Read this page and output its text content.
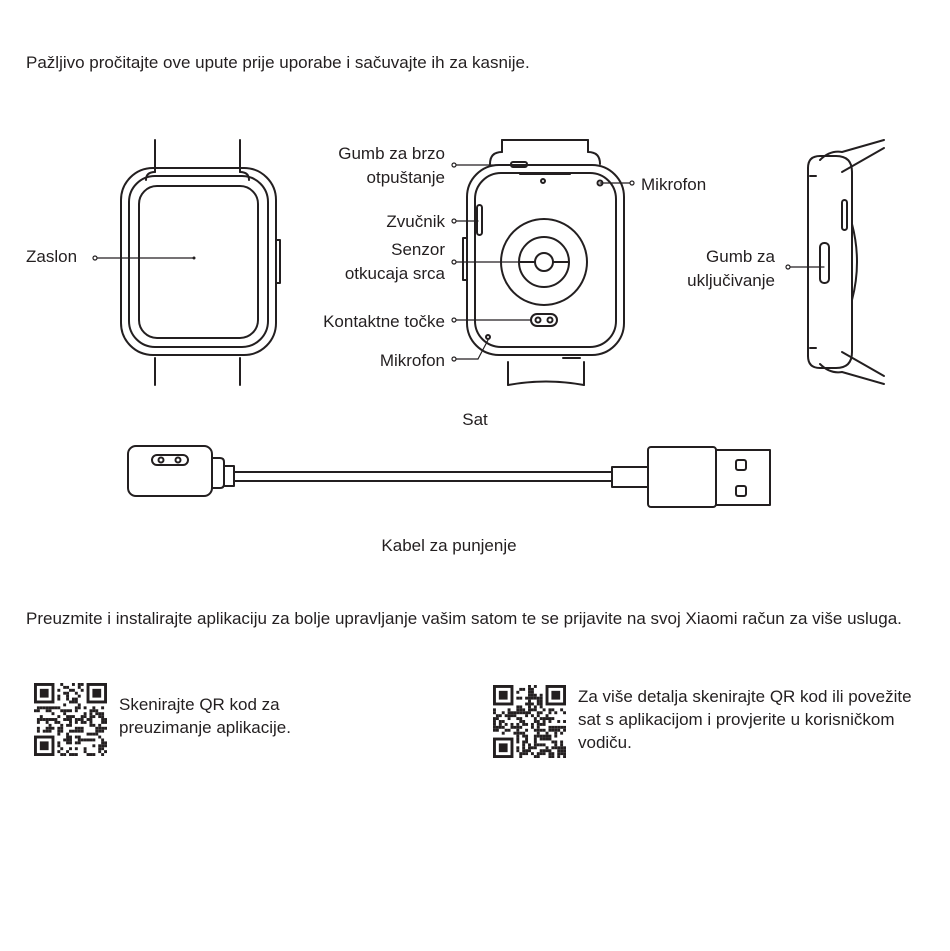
Pažljivo pročitajte ove upute prije uporabe i sačuvajte ih za kasnije.

Zaslon
Gumb za brzo
otpuštanje	Mikrofon
Zvučnik
Senzor
otkucaja srca
Kontaktne točke
Mikrofon
Gumb za
uključivanje
Sat
Kabel za punjenje

Preuzmite i instalirajte aplikaciju za bolje upravljanje vašim satom te se prijavite na svoj Xiaomi račun za više usluga.

Skenirajte QR kod za preuzimanje aplikacije.
Za više detalja skenirajte QR kod ili povežite sat s aplikacijom i provjerite u korisničkom vodiču.
